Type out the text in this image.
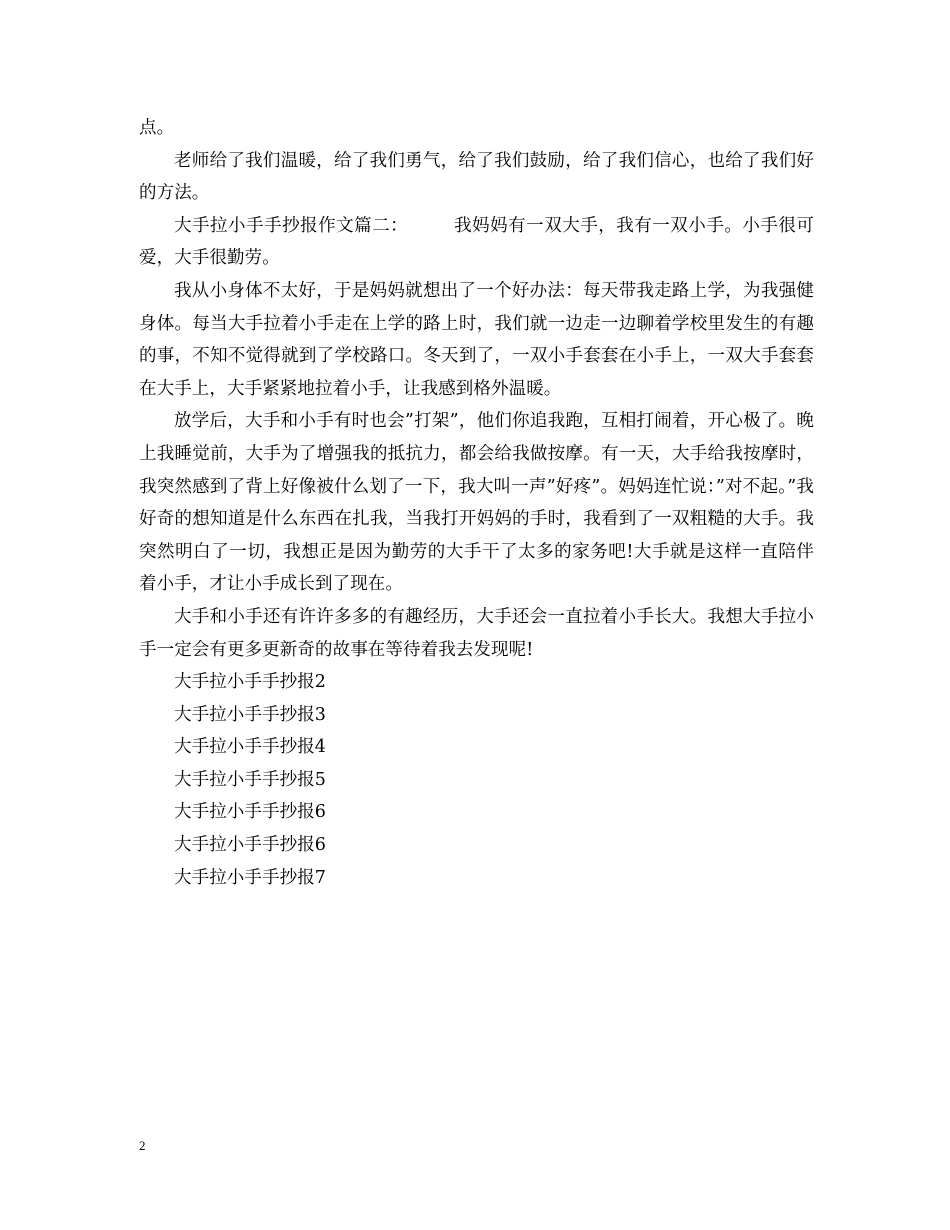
点。

老师给了我们温暖，给了我们勇气，给了我们鼓励，给了我们信心，也给了我们好的方法。

大手拉小手手抄报作文篇二：	我妈妈有一双大手，我有一双小手。小手很可爱，大手很勤劳。

我从小身体不太好，于是妈妈就想出了一个好办法：每天带我走路上学，为我强健身体。每当大手拉着小手走在上学的路上时，我们就一边走一边聊着学校里发生的有趣的事，不知不觉得就到了学校路口。冬天到了，一双小手套套在小手上，一双大手套套在大手上，大手紧紧地拉着小手，让我感到格外温暖。

放学后，大手和小手有时也会”打架”，他们你追我跑，互相打闹着，开心极了。晚上我睡觉前，大手为了增强我的抵抗力，都会给我做按摩。有一天，大手给我按摩时，我突然感到了背上好像被什么划了一下，我大叫一声”好疼”。妈妈连忙说：”对不起。”我好奇的想知道是什么东西在扎我，当我打开妈妈的手时，我看到了一双粗糙的大手。我突然明白了一切，我想正是因为勤劳的大手干了太多的家务吧!大手就是这样一直陪伴着小手，才让小手成长到了现在。

大手和小手还有许许多多的有趣经历，大手还会一直拉着小手长大。我想大手拉小手一定会有更多更新奇的故事在等待着我去发现呢!

大手拉小手手抄报2

大手拉小手手抄报3

大手拉小手手抄报4

大手拉小手手抄报5

大手拉小手手抄报6

大手拉小手手抄报6

大手拉小手手抄报7

2
